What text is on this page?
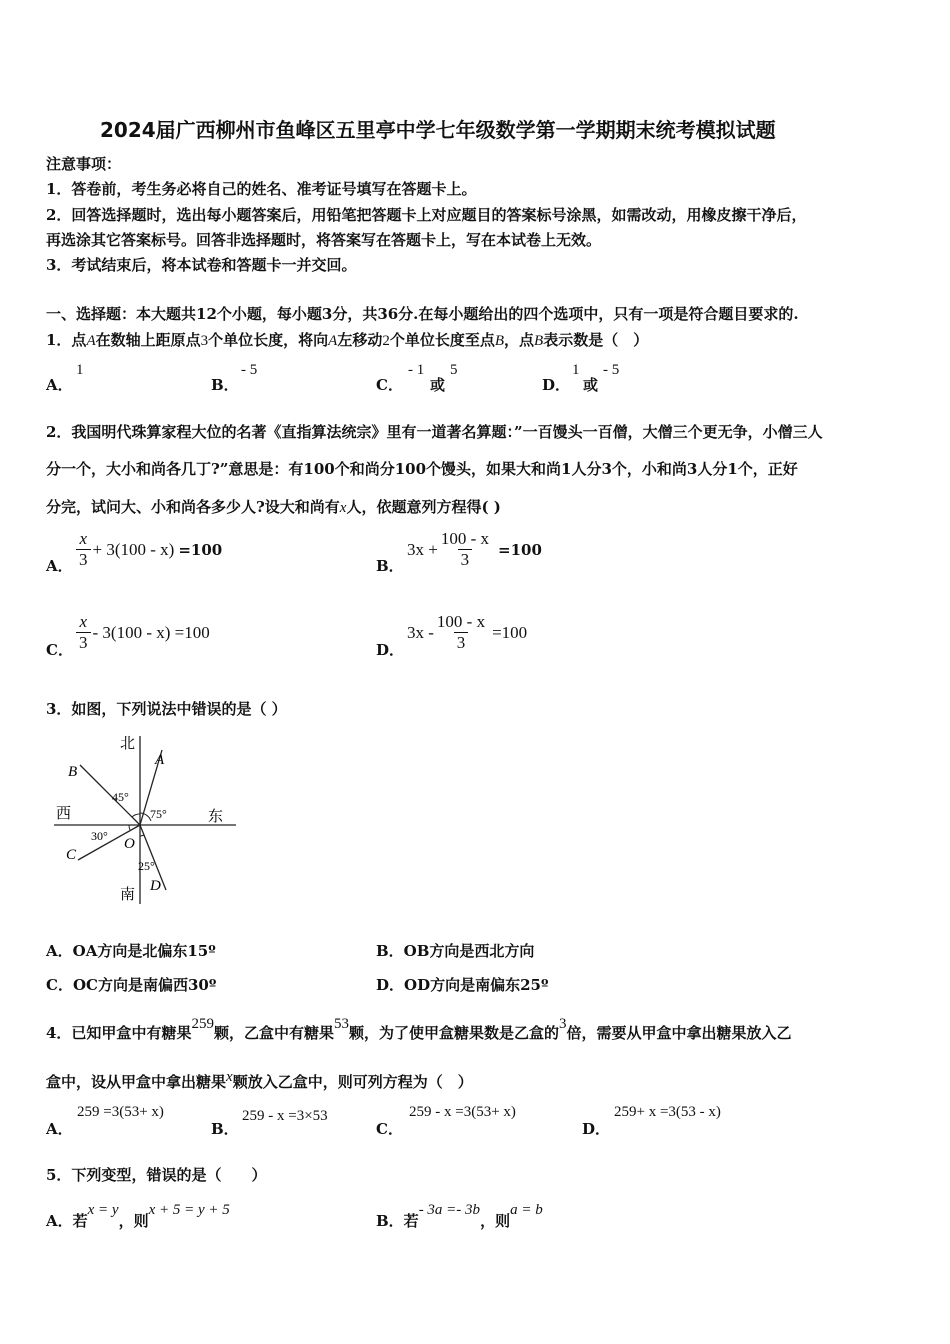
2024届广西柳州市鱼峰区五里亭中学七年级数学第一学期期末统考模拟试题
注意事项：
1．答卷前，考生务必将自己的姓名、准考证号填写在答题卡上。
2．回答选择题时，选出每小题答案后，用铅笔把答题卡上对应题目的答案标号涂黑，如需改动，用橡皮擦干净后，
再选涂其它答案标号。回答非选择题时，将答案写在答题卡上，写在本试卷上无效。
3．考试结束后，将本试卷和答题卡一并交回。
一、选择题：本大题共12个小题，每小题3分，共36分.在每小题给出的四个选项中，只有一项是符合题目要求的.
1．点A在数轴上距原点3个单位长度，将向A左移动2个单位长度至点B，点B表示数是（　）
A．
1
B．
- 5
C．
- 1
或
5
D．
1
或
- 5
2．我国明代珠算家程大位的名著《直指算法统宗》里有一道著名算题：”一百馒头一百僧，大僧三个更无争，小僧三人
分一个，大小和尚各几丁?”意思是：有100个和尚分100个馒头，如果大和尚1人分3个，小和尚3人分1个，正好
分完，试问大、小和尚各多少人?设大和尚有x人，依题意列方程得( )
A． $\frac{x}{3} + 3(100 - x) =100$
B．
$3x + \frac{100 - x}{3} =100$
C． $\frac{x}{3} - 3(100 - x) =100$
D．
$3x - \frac{100 - x}{3} =100$
3．如图，下列说法中错误的是（ ）
北
南
西	东
A
B
C
D
O
45°
75°
30°
25°
A．OA方向是北偏东15º	B．OB方向是西北方向
C．OC方向是南偏西30º	D．OD方向是南偏东25º
4．已知甲盒中有糖果259颗，乙盒中有糖果53颗，为了使甲盒糖果数是乙盒的3倍，需要从甲盒中拿出糖果放入乙
盒中，设从甲盒中拿出糖果x颗放入乙盒中，则可列方程为（　）
A．
259 =3(53+ x)
B．
259 - x =3×53
C．
259 - x =3(53+ x)
D．
259+ x =3(53 - x)
5．下列变型，错误的是（　　）
A．若x = y，则x + 5 = y + 5
B．若- 3a =- 3b，则a = b
